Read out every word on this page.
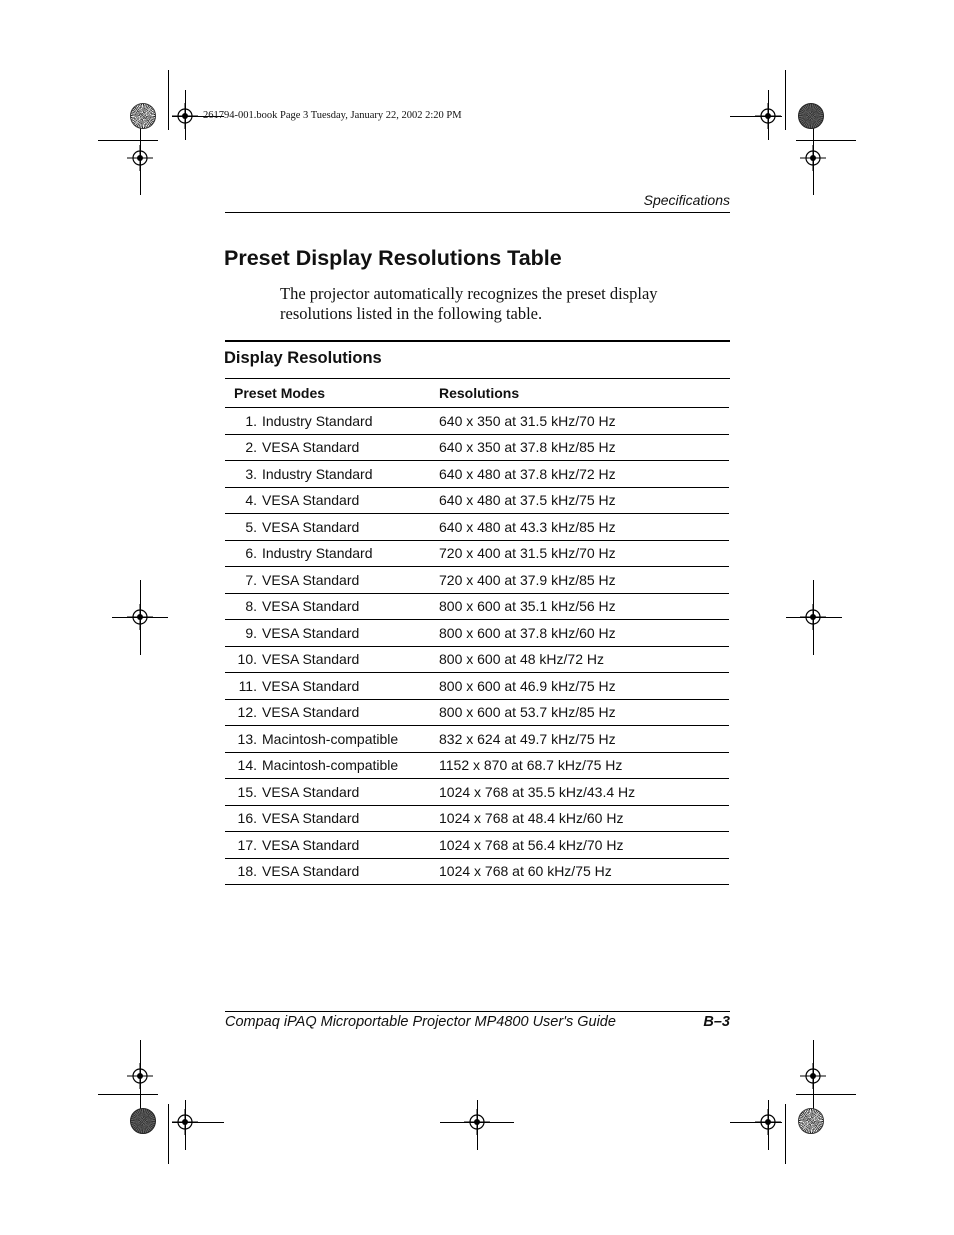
261794-001.book Page 3 Tuesday, January 22, 2002 2:20 PM
Specifications
Preset Display Resolutions Table

The projector automatically recognizes the preset display resolutions listed in the following table.

Display Resolutions
Preset Modes	Resolutions
1. Industry Standard	640 x 350 at 31.5 kHz/70 Hz
2. VESA Standard	640 x 350 at 37.8 kHz/85 Hz
3. Industry Standard	640 x 480 at 37.8 kHz/72 Hz
4. VESA Standard	640 x 480 at 37.5 kHz/75 Hz
5. VESA Standard	640 x 480 at 43.3 kHz/85 Hz
6. Industry Standard	720 x 400 at 31.5 kHz/70 Hz
7. VESA Standard	720 x 400 at 37.9 kHz/85 Hz
8. VESA Standard	800 x 600 at 35.1 kHz/56 Hz
9. VESA Standard	800 x 600 at 37.8 kHz/60 Hz
10. VESA Standard	800 x 600 at 48 kHz/72 Hz
11. VESA Standard	800 x 600 at 46.9 kHz/75 Hz
12. VESA Standard	800 x 600 at 53.7 kHz/85 Hz
13. Macintosh-compatible	832 x 624 at 49.7 kHz/75 Hz
14. Macintosh-compatible	1152 x 870 at 68.7 kHz/75 Hz
15. VESA Standard	1024 x 768 at 35.5 kHz/43.4 Hz
16. VESA Standard	1024 x 768 at 48.4 kHz/60 Hz
17. VESA Standard	1024 x 768 at 56.4 kHz/70 Hz
18. VESA Standard	1024 x 768 at 60 kHz/75 Hz
Compaq iPAQ Microportable Projector MP4800 User's Guide	B–3
